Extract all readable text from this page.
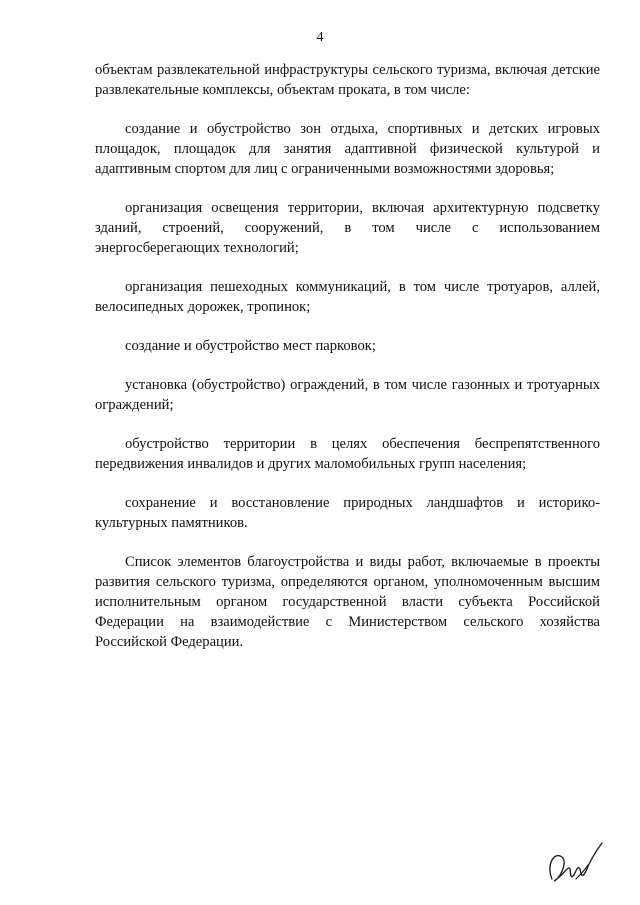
4

объектам развлекательной инфраструктуры сельского туризма, включая детские развлекательные комплексы, объектам проката, в том числе:

создание и обустройство зон отдыха, спортивных и детских игровых площадок, площадок для занятия адаптивной физической культурой и адаптивным спортом для лиц с ограниченными возможностями здоровья;

организация освещения территории, включая архитектурную подсветку зданий, строений, сооружений, в том числе с использованием энергосберегающих технологий;

организация пешеходных коммуникаций, в том числе тротуаров, аллей, велосипедных дорожек, тропинок;

создание и обустройство мест парковок;

установка (обустройство) ограждений, в том числе газонных и тротуарных ограждений;

обустройство территории в целях обеспечения беспрепятственного передвижения инвалидов и других маломобильных групп населения;

сохранение и восстановление природных ландшафтов и историко-культурных памятников.

Список элементов благоустройства и виды работ, включаемые в проекты развития сельского туризма, определяются органом, уполномоченным высшим исполнительным органом государственной власти субъекта Российской Федерации на взаимодействие с Министерством сельского хозяйства Российской Федерации.
